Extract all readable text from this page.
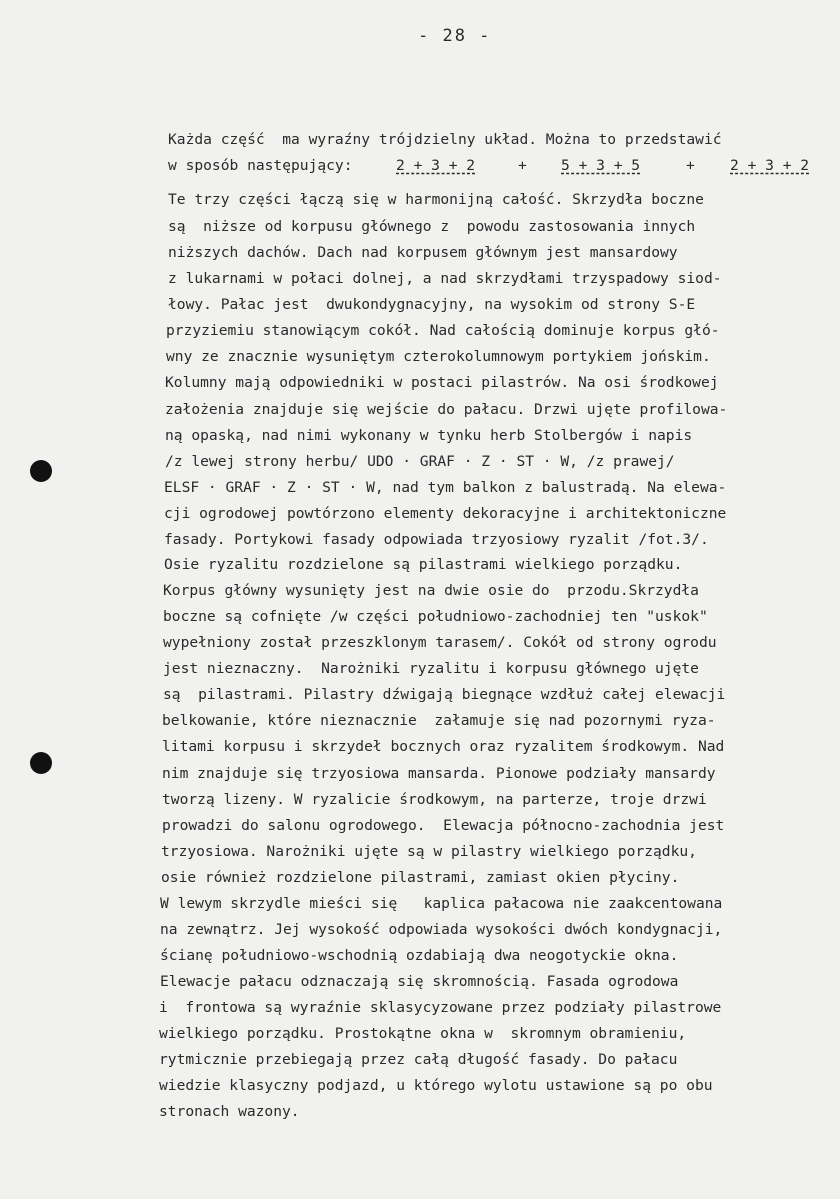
- 28 -
Każda część  ma wyraźny trójdzielny układ. Można to przedstawić
w sposób następujący:	2 + 3 + 2	+ 5 + 3 + 5	+ 2 + 3 + 2
Te trzy części łączą się w harmonijną całość. Skrzydła boczne
są  niższe od korpusu głównego z  powodu zastosowania innych
niższych dachów. Dach nad korpusem głównym jest mansardowy
z lukarnami w połaci dolnej, a nad skrzydłami trzyspadowy siod-
łowy. Pałac jest  dwukondygnacyjny, na wysokim od strony S-E
przyziemiu stanowiącym cokół. Nad całością dominuje korpus głó-
wny ze znacznie wysuniętym czterokolumnowym portykiem jońskim.
Kolumny mają odpowiedniki w postaci pilastrów. Na osi środkowej
założenia znajduje się wejście do pałacu. Drzwi ujęte profilowa-
ną opaską, nad nimi wykonany w tynku herb Stolbergów i napis
/z lewej strony herbu/ UDO · GRAF · Z · ST · W, /z prawej/
ELSF · GRAF · Z · ST · W, nad tym balkon z balustradą. Na elewa-
cji ogrodowej powtórzono elementy dekoracyjne i architektoniczne
fasady. Portykowi fasady odpowiada trzyosiowy ryzalit /fot.3/.
Osie ryzalitu rozdzielone są pilastrami wielkiego porządku.
Korpus główny wysunięty jest na dwie osie do  przodu.Skrzydła
boczne są cofnięte /w części południowo-zachodniej ten "uskok"
wypełniony został przeszklonym tarasem/. Cokół od strony ogrodu
jest nieznaczny.  Narożniki ryzalitu i korpusu głównego ujęte
są  pilastrami. Pilastry dźwigają biegnące wzdłuż całej elewacji
belkowanie, które nieznacznie  załamuje się nad pozornymi ryza-
litami korpusu i skrzydeł bocznych oraz ryzalitem środkowym. Nad
nim znajduje się trzyosiowa mansarda. Pionowe podziały mansardy
tworzą lizeny. W ryzalicie środkowym, na parterze, troje drzwi
prowadzi do salonu ogrodowego.  Elewacja północno-zachodnia jest
trzyosiowa. Narożniki ujęte są w pilastry wielkiego porządku,
osie również rozdzielone pilastrami, zamiast okien płyciny.
W lewym skrzydle mieści się   kaplica pałacowa nie zaakcentowana
na zewnątrz. Jej wysokość odpowiada wysokości dwóch kondygnacji,
ścianę południowo-wschodnią ozdabiają dwa neogotyckie okna.
Elewacje pałacu odznaczają się skromnością. Fasada ogrodowa
i  frontowa są wyraźnie sklasycyzowane przez podziały pilastrowe
wielkiego porządku. Prostokątne okna w  skromnym obramieniu,
rytmicznie przebiegają przez całą długość fasady. Do pałacu
wiedzie klasyczny podjazd, u którego wylotu ustawione są po obu
stronach wazony.
